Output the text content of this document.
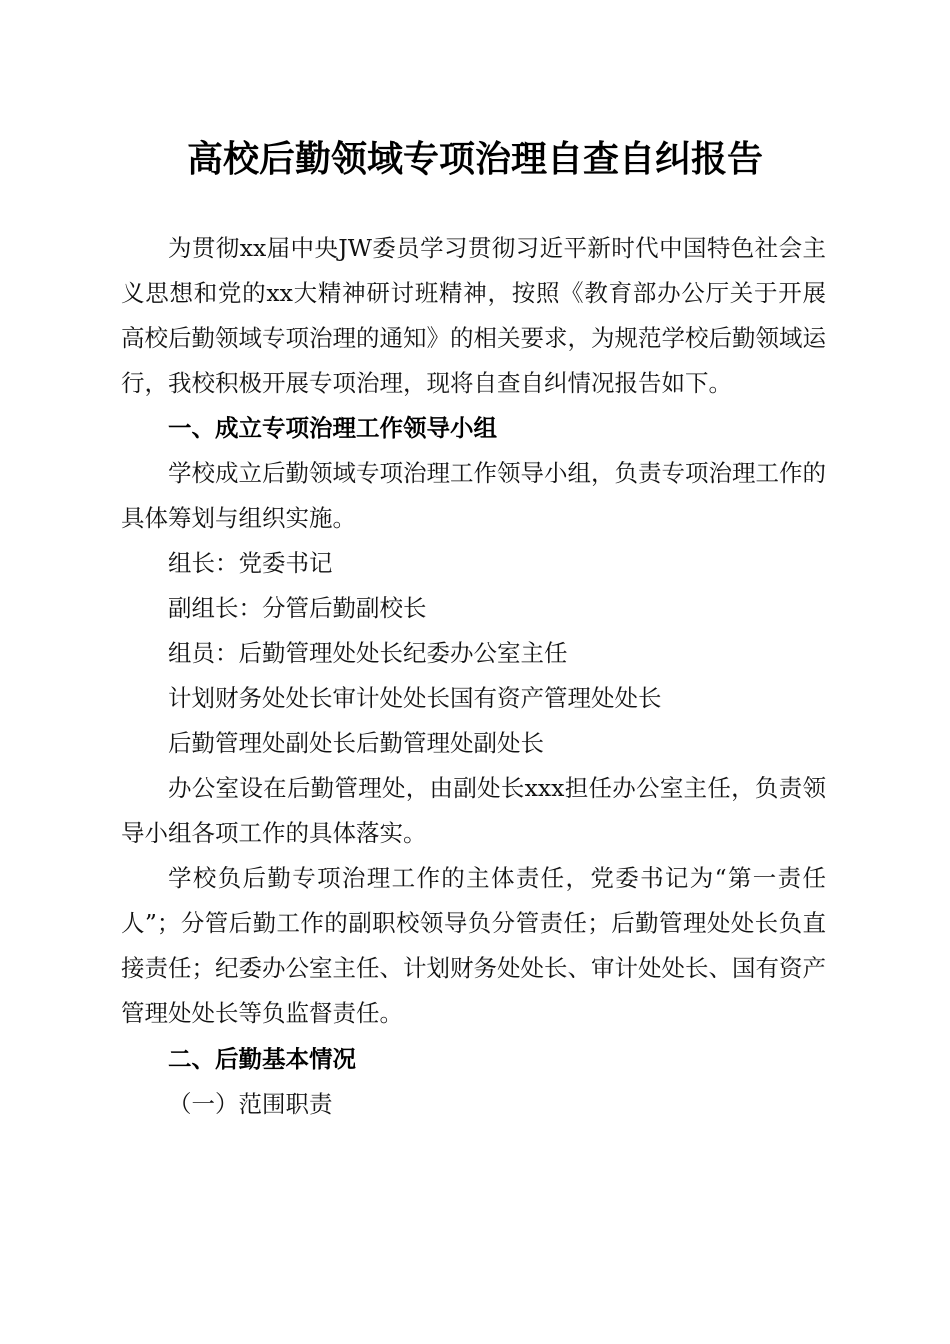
高校后勤领域专项治理自查自纠报告

为贯彻xx届中央JW委员学习贯彻习近平新时代中国特色社会主义思想和党的xx大精神研讨班精神，按照《教育部办公厅关于开展高校后勤领域专项治理的通知》的相关要求，为规范学校后勤领域运行，我校积极开展专项治理，现将自查自纠情况报告如下。

一、成立专项治理工作领导小组

学校成立后勤领域专项治理工作领导小组，负责专项治理工作的具体筹划与组织实施。

组长：党委书记

副组长：分管后勤副校长

组员：后勤管理处处长纪委办公室主任

计划财务处处长审计处处长国有资产管理处处长

后勤管理处副处长后勤管理处副处长

办公室设在后勤管理处，由副处长xxx担任办公室主任，负责领导小组各项工作的具体落实。

学校负后勤专项治理工作的主体责任，党委书记为“第一责任人”；分管后勤工作的副职校领导负分管责任；后勤管理处处长负直接责任；纪委办公室主任、计划财务处处长、审计处处长、国有资产管理处处长等负监督责任。

二、后勤基本情况

（一）范围职责
